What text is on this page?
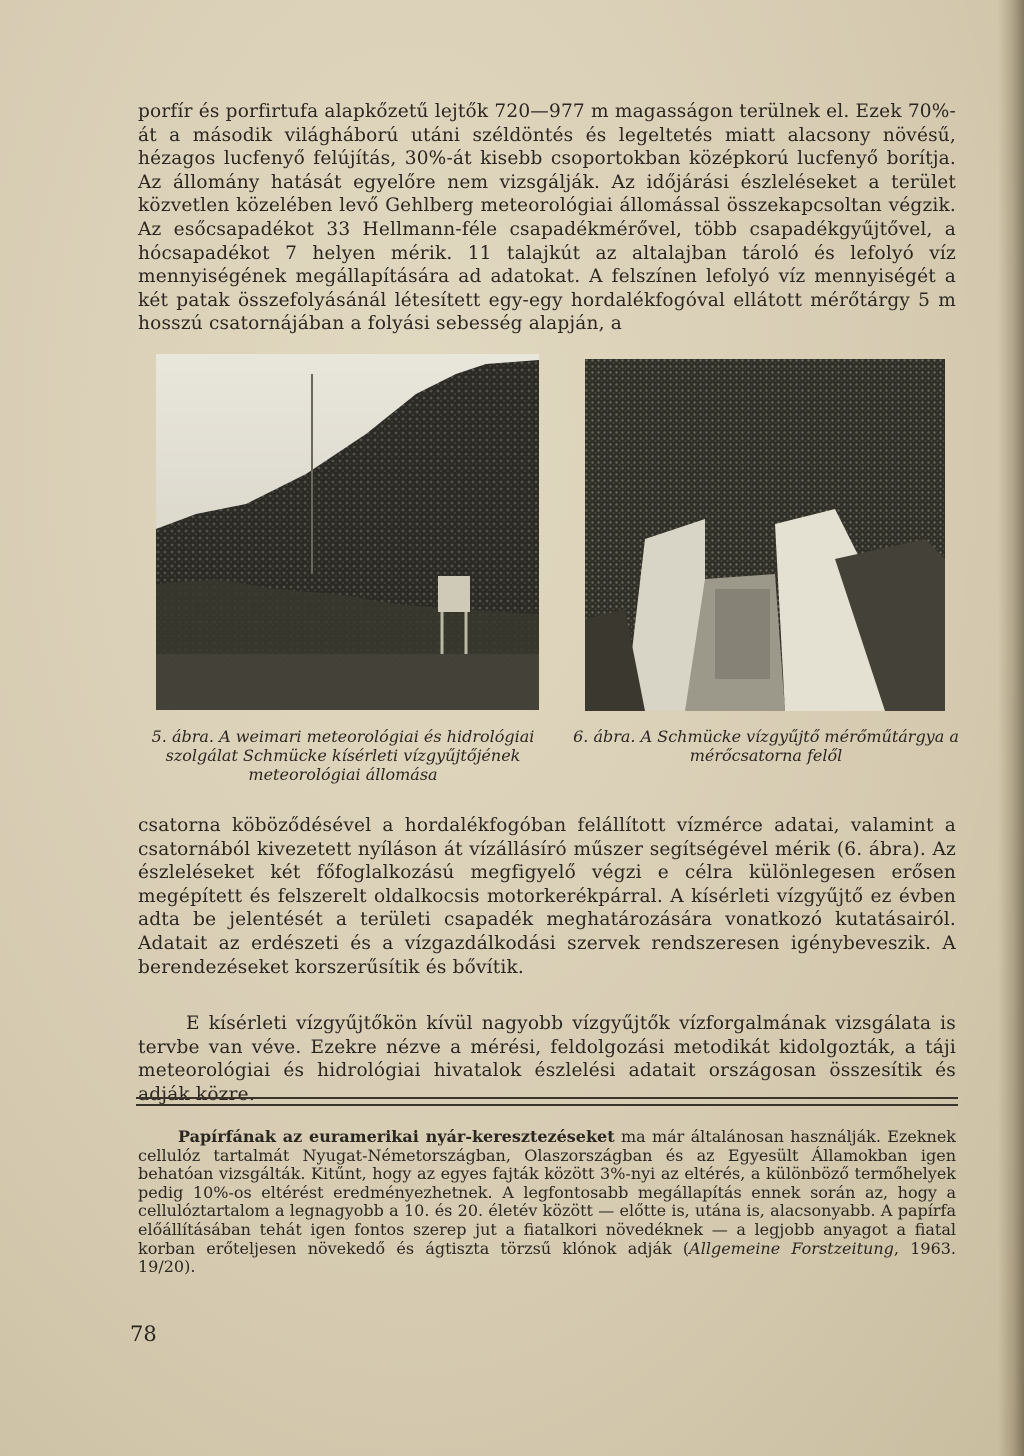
porfír és porfirtufa alapkőzetű lejtők 720—977 m magasságon terülnek el. Ezek 70%-át a második világháború utáni széldöntés és legeltetés miatt alacsony növésű, hézagos lucfenyő felújítás, 30%-át kisebb csoportokban középkorú lucfenyő borítja. Az állomány hatását egyelőre nem vizsgálják. Az időjárási észleléseket a terület közvetlen közelében levő Gehlberg meteorológiai állomással összekapcsoltan végzik. Az esőcsapadékot 33 Hellmann-féle csapadékmérővel, több csapadékgyűjtővel, a hócsapadékot 7 helyen mérik. 11 talajkút az altalajban tároló és lefolyó víz mennyiségének megállapítására ad adatokat. A felszínen lefolyó víz mennyiségét a két patak összefolyásánál létesített egy-egy hordalékfogóval ellátott mérőtárgy 5 m hosszú csatornájában a folyási sebesség alapján, a

5. ábra. A weimari meteorológiai és hidrológiai szolgálat Schmücke kísérleti vízgyűjtőjének meteorológiai állomása

6. ábra. A Schmücke vízgyűjtő mérőműtárgya a mérőcsatorna felől

csatorna köböződésével a hordalékfogóban felállított vízmérce adatai, valamint a csatornából kivezetett nyíláson át vízállásíró műszer segítségével mérik (6. ábra). Az észleléseket két főfoglalkozású megfigyelő végzi e célra különlegesen erősen megépített és felszerelt oldalkocsis motorkerékpárral. A kísérleti vízgyűjtő ez évben adta be jelentését a területi csapadék meghatározására vonatkozó kutatásairól. Adatait az erdészeti és a vízgazdálkodási szervek rendszeresen igénybeveszik. A berendezéseket korszerűsítik és bővítik.

E kísérleti vízgyűjtőkön kívül nagyobb vízgyűjtők vízforgalmának vizsgálata is tervbe van véve. Ezekre nézve a mérési, feldolgozási metodikát kidolgozták, a táji meteorológiai és hidrológiai hivatalok észlelési adatait országosan összesítik és adják közre.

Papírfának az euramerikai nyár-keresztezéseket ma már általánosan használják. Ezeknek cellulóz tartalmát Nyugat-Németországban, Olaszországban és az Egyesült Államokban igen behatóan vizsgálták. Kitűnt, hogy az egyes fajták között 3%-nyi az eltérés, a különböző termőhelyek pedig 10%-os eltérést eredményezhetnek. A legfontosabb megállapítás ennek során az, hogy a cellulóztartalom a legnagyobb a 10. és 20. életév között — előtte is, utána is, alacsonyabb. A papírfa előállításában tehát igen fontos szerep jut a fiatalkori növedéknek — a legjobb anyagot a fiatal korban erőteljesen növekedő és ágtiszta törzsű klónok adják (Allgemeine Forstzeitung, 1963. 19/20).

78
